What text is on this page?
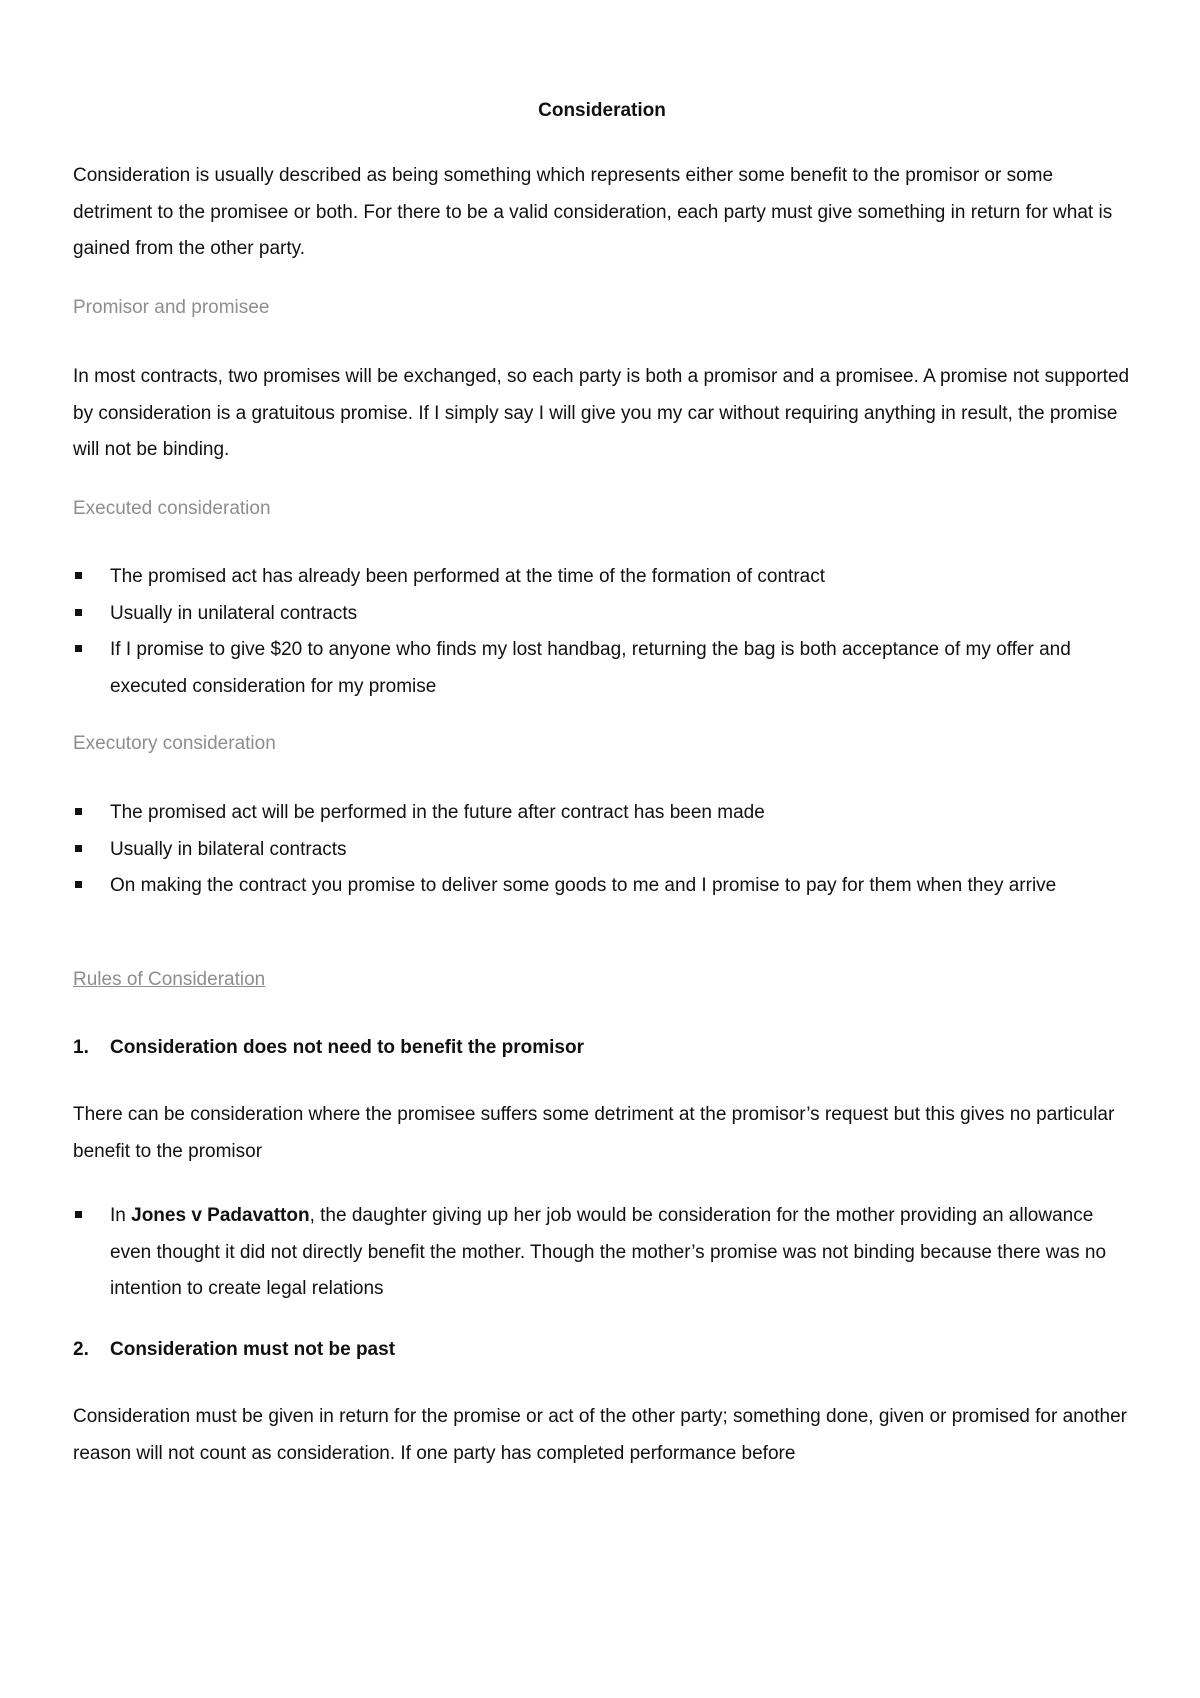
Consideration

Consideration is usually described as being something which represents either some benefit to the promisor or some detriment to the promisee or both. For there to be a valid consideration, each party must give something in return for what is gained from the other party.

Promisor and promisee

In most contracts, two promises will be exchanged, so each party is both a promisor and a promisee. A promise not supported by consideration is a gratuitous promise. If I simply say I will give you my car without requiring anything in result, the promise will not be binding.

Executed consideration

The promised act has already been performed at the time of the formation of contract
Usually in unilateral contracts
If I promise to give $20 to anyone who finds my lost handbag, returning the bag is both acceptance of my offer and executed consideration for my promise

Executory consideration

The promised act will be performed in the future after contract has been made
Usually in bilateral contracts
On making the contract you promise to deliver some goods to me and I promise to pay for them when they arrive

Rules of Consideration

1. Consideration does not need to benefit the promisor

There can be consideration where the promisee suffers some detriment at the promisor’s request but this gives no particular benefit to the promisor

In Jones v Padavatton, the daughter giving up her job would be consideration for the mother providing an allowance even thought it did not directly benefit the mother. Though the mother’s promise was not binding because there was no intention to create legal relations
2. Consideration must not be past

Consideration must be given in return for the promise or act of the other party; something done, given or promised for another reason will not count as consideration. If one party has completed performance before
